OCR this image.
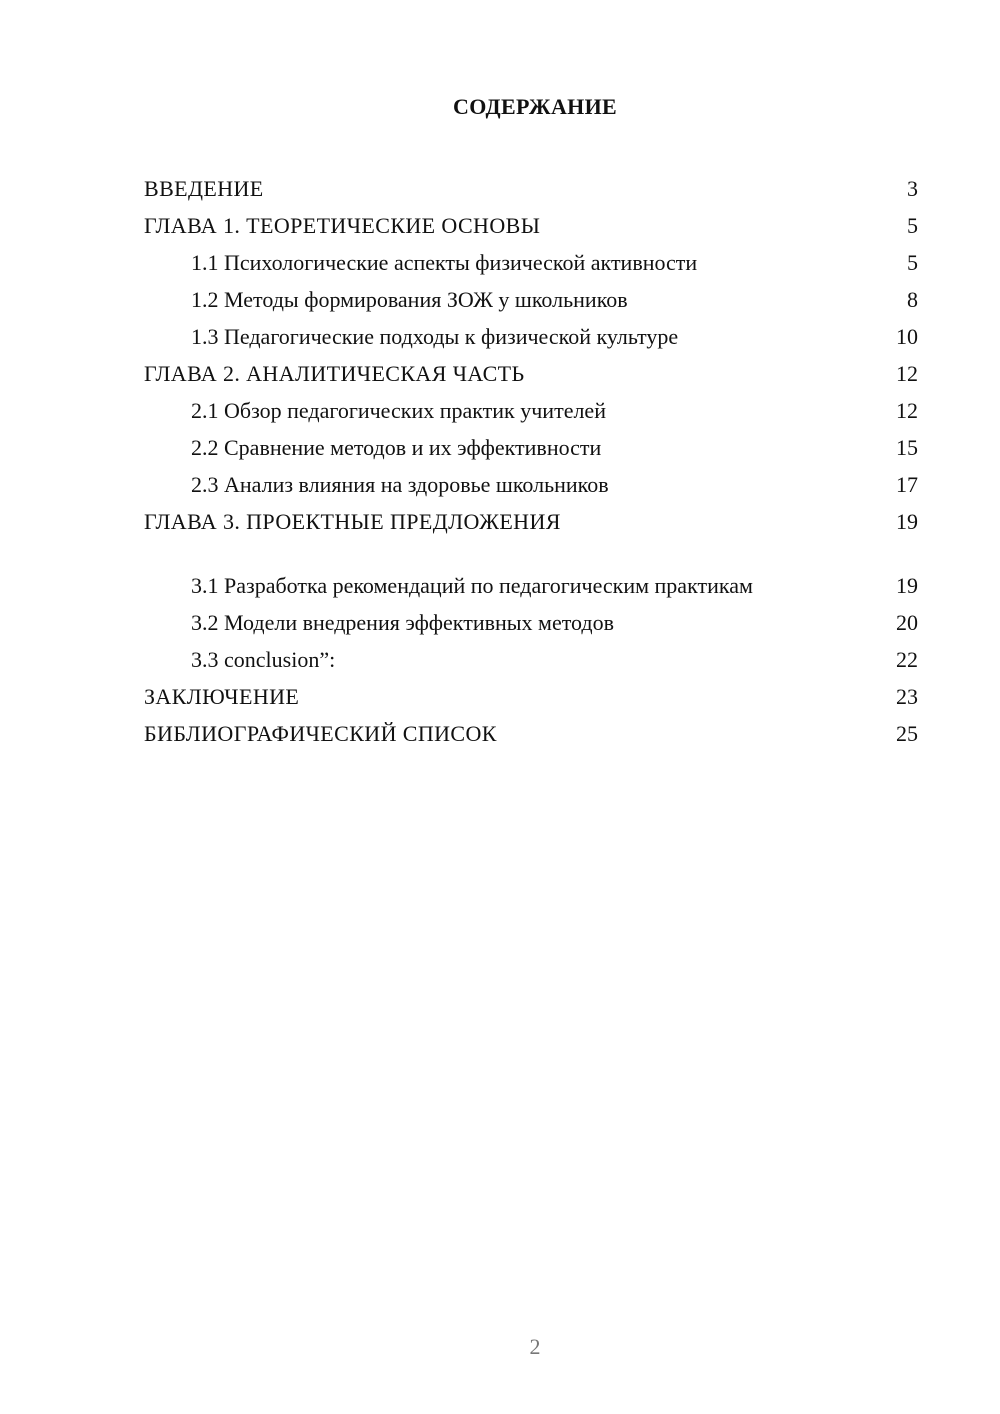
СОДЕРЖАНИЕ
ВВЕДЕНИЕ	3
ГЛАВА 1. ТЕОРЕТИЧЕСКИЕ ОСНОВЫ	5
1.1 Психологические аспекты физической активности	5
1.2 Методы формирования ЗОЖ у школьников	8
1.3 Педагогические подходы к физической культуре	10
ГЛАВА 2. АНАЛИТИЧЕСКАЯ ЧАСТЬ	12
2.1 Обзор педагогических практик учителей	12
2.2 Сравнение методов и их эффективности	15
2.3 Анализ влияния на здоровье школьников	17
ГЛАВА 3. ПРОЕКТНЫЕ ПРЕДЛОЖЕНИЯ	19
3.1 Разработка рекомендаций по педагогическим практикам	19
3.2 Модели внедрения эффективных методов	20
3.3 conclusion”:	22
ЗАКЛЮЧЕНИЕ	23
БИБЛИОГРАФИЧЕСКИЙ СПИСОК	25
2
